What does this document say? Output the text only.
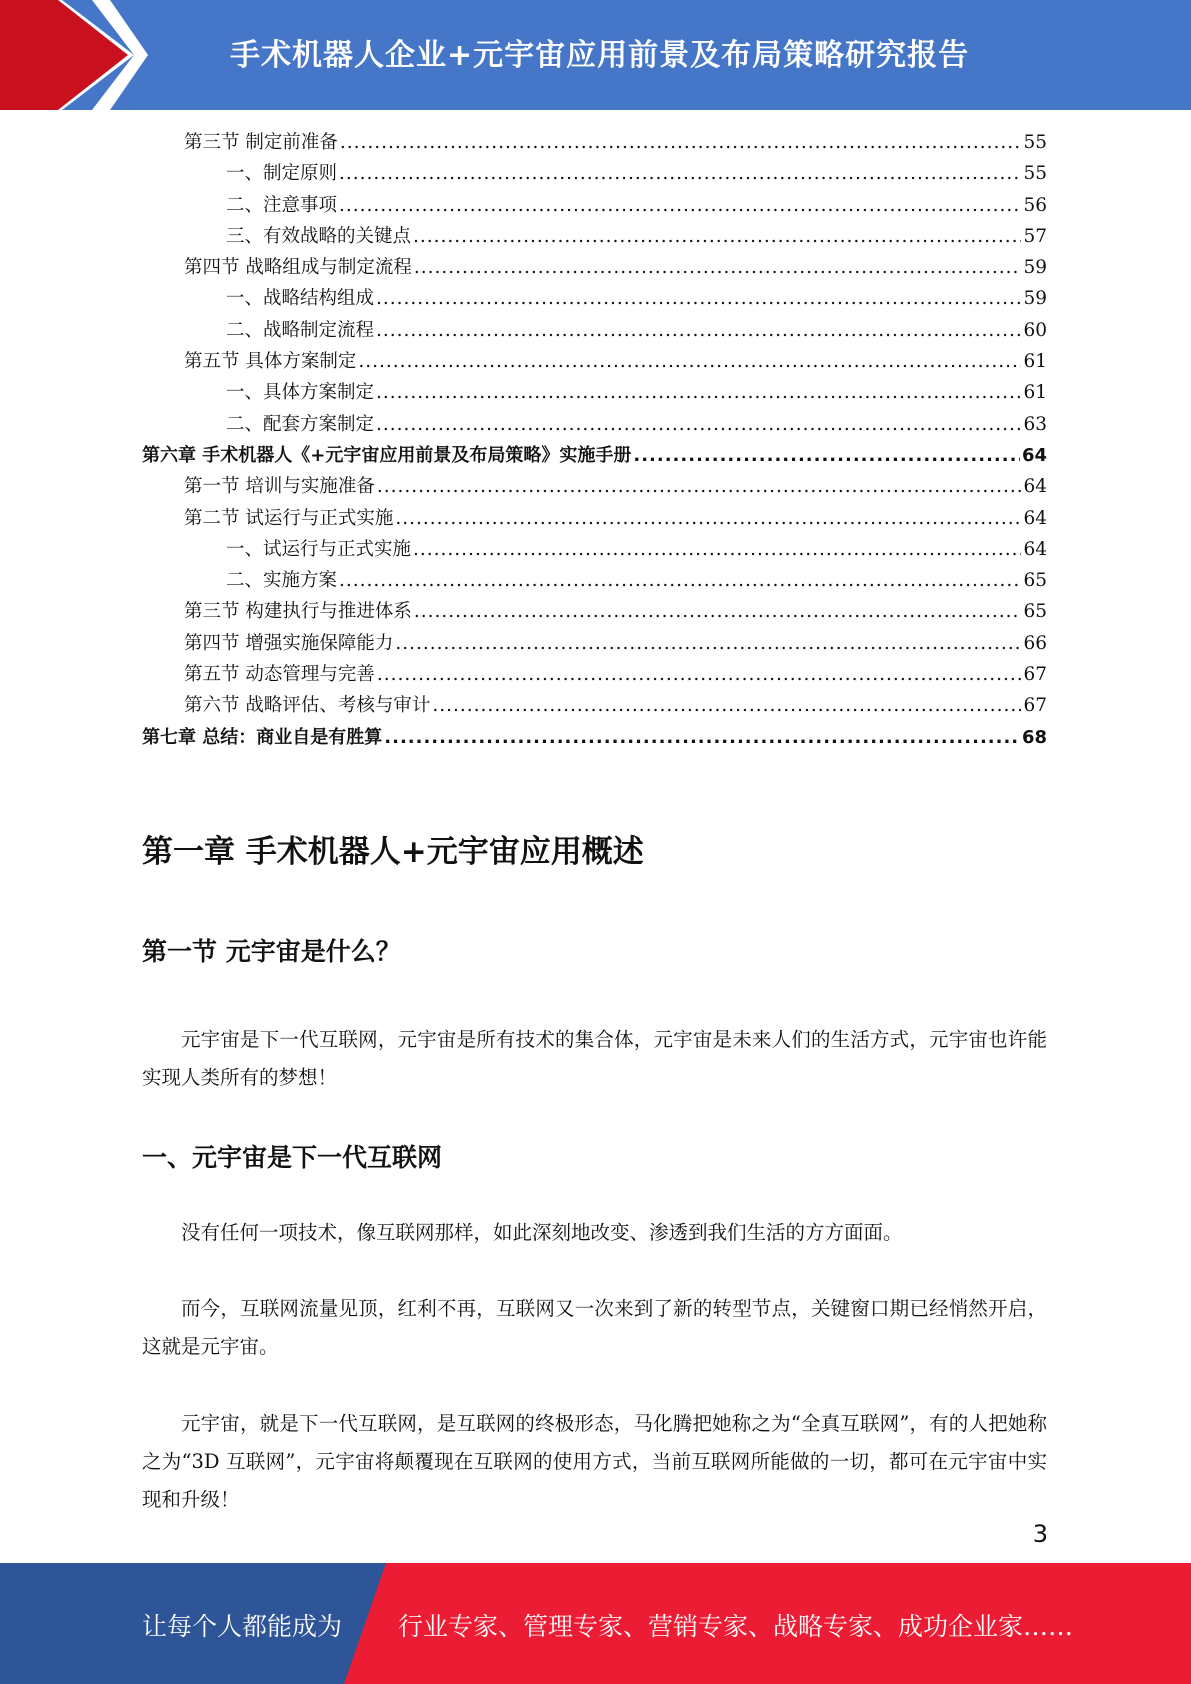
手术机器人企业+元宇宙应用前景及布局策略研究报告
第三节 制定前准备 .....	55
一、制定原则 .....	55
二、注意事项 .....	56
三、有效战略的关键点 .....	57
第四节 战略组成与制定流程 .....	59
一、战略结构组成 .....	59
二、战略制定流程 .....	60
第五节 具体方案制定 .....	61
一、具体方案制定 .....	61
二、配套方案制定 .....	63
第六章 手术机器人《+元宇宙应用前景及布局策略》实施手册 .....	64
第一节 培训与实施准备 .....	64
第二节 试运行与正式实施 .....	64
一、试运行与正式实施 .....	64
二、实施方案 .....	65
第三节 构建执行与推进体系 .....	65
第四节 增强实施保障能力 .....	66
第五节 动态管理与完善 .....	67
第六节 战略评估、考核与审计 .....	67
第七章 总结：商业自是有胜算 .....	68
第一章 手术机器人+元宇宙应用概述
第一节 元宇宙是什么？

元宇宙是下一代互联网，元宇宙是所有技术的集合体，元宇宙是未来人们的生活方式，元宇宙也许能实现人类所有的梦想！

一、元宇宙是下一代互联网

没有任何一项技术，像互联网那样，如此深刻地改变、渗透到我们生活的方方面面。

而今，互联网流量见顶，红利不再，互联网又一次来到了新的转型节点，关键窗口期已经悄然开启，这就是元宇宙。

元宇宙，就是下一代互联网，是互联网的终极形态，马化腾把她称之为“全真互联网”，有的人把她称之为“3D 互联网”，元宇宙将颠覆现在互联网的使用方式，当前互联网所能做的一切，都可在元宇宙中实现和升级！

3
让每个人都能成为 行业专家、管理专家、营销专家、战略专家、成功企业家……
